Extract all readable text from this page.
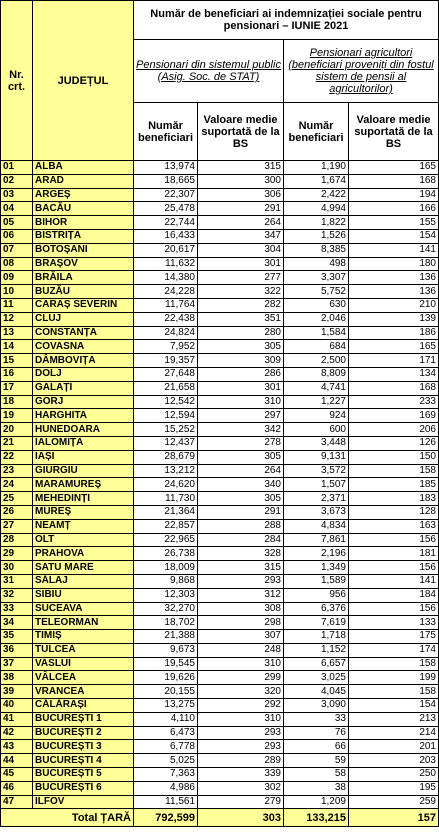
Nr. crt.	JUDEȚUL	Număr de beneficiari ai indemnizației sociale pentru pensionari – IUNIE 2021			
		Pensionari din sistemul public (Asig. Soc. de STAT)		Pensionari agricultori (beneficiari proveniți din fostul sistem de pensii al agricultorilor)	
		Număr beneficiari	Valoare medie suportată de la BS	Număr beneficiari	Valoare medie suportată de la BS
01	ALBA	13,974	315	1,190	165
02	ARAD	18,665	300	1,674	168
03	ARGEȘ	22,307	306	2,422	194
04	BACĂU	25,478	291	4,994	166
05	BIHOR	22,744	264	1,822	155
06	BISTRIȚA	16,433	347	1,526	154
07	BOTOȘANI	20,617	304	8,385	141
08	BRAȘOV	11,632	301	498	180
09	BRĂILA	14,380	277	3,307	136
10	BUZĂU	24,228	322	5,752	136
11	CARAȘ SEVERIN	11,764	282	630	210
12	CLUJ	22,438	351	2,046	139
13	CONSTANȚA	24,824	280	1,584	186
14	COVASNA	7,952	305	684	165
15	DÂMBOVIȚA	19,357	309	2,500	171
16	DOLJ	27,648	286	8,809	134
17	GALAȚI	21,658	301	4,741	168
18	GORJ	12,542	310	1,227	233
19	HARGHITA	12,594	297	924	169
20	HUNEDOARA	15,252	342	600	206
21	IALOMIȚA	12,437	278	3,448	126
22	IAȘI	28,679	305	9,131	150
23	GIURGIU	13,212	264	3,572	158
24	MARAMUREȘ	24,620	340	1,507	185
25	MEHEDINȚI	11,730	305	2,371	183
26	MUREȘ	21,364	291	3,673	128
27	NEAMȚ	22,857	288	4,834	163
28	OLT	22,965	284	7,861	156
29	PRAHOVA	26,738	328	2,196	181
30	SATU MARE	18,009	315	1,349	156
31	SĂLAJ	9,868	293	1,589	141
32	SIBIU	12,303	312	956	184
33	SUCEAVA	32,270	308	6,376	156
34	TELEORMAN	18,702	298	7,619	133
35	TIMIȘ	21,388	307	1,718	175
36	TULCEA	9,673	248	1,152	174
37	VASLUI	19,545	310	6,657	158
38	VÂLCEA	19,626	299	3,025	199
39	VRANCEA	20,155	320	4,045	158
40	CĂLĂRAȘI	13,275	292	3,090	154
41	BUCUREȘTI 1	4,110	310	33	213
42	BUCUREȘTI 2	6,473	293	76	214
43	BUCUREȘTI 3	6,778	293	66	201
44	BUCUREȘTI 4	5,025	289	59	203
45	BUCUREȘTI 5	7,363	339	58	250
46	BUCUREȘTI 6	4,986	302	38	195
47	ILFOV	11,561	279	1,209	259
Total ȚARĂ		792,599	303	133,215	157
